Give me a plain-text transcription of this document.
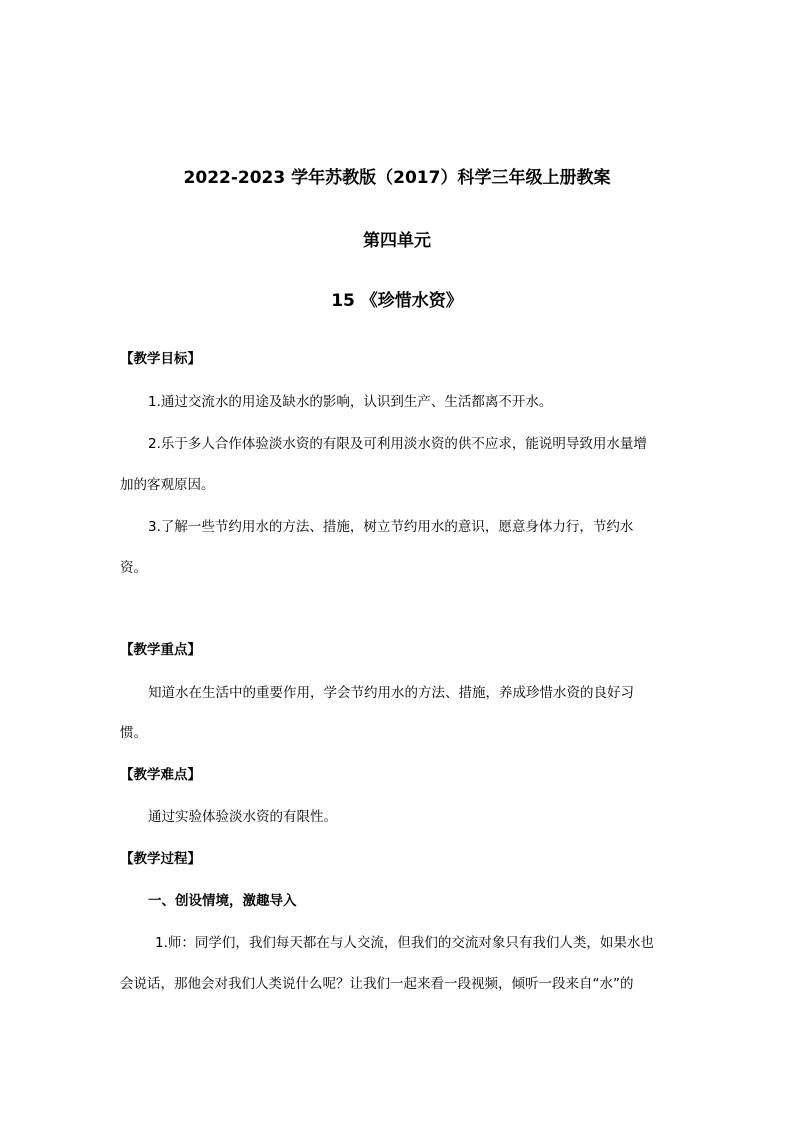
2022-2023 学年苏教版（2017）科学三年级上册教案
第四单元
15 《珍惜水资》
【教学目标】
1.通过交流水的用途及缺水的影响，认识到生产、生活都离不开水。
2.乐于多人合作体验淡水资的有限及可利用淡水资的供不应求，能说明导致用水量增
加的客观原因。
3.了解一些节约用水的方法、措施，树立节约用水的意识，愿意身体力行，节约水
资。
【教学重点】
知道水在生活中的重要作用，学会节约用水的方法、措施，养成珍惜水资的良好习
惯。
【教学难点】
通过实验体验淡水资的有限性。
【教学过程】
一、创设情境，激趣导入
1.师：同学们，我们每天都在与人交流，但我们的交流对象只有我们人类，如果水也
会说话，那他会对我们人类说什么呢？让我们一起来看一段视频，倾听一段来自“水”的
